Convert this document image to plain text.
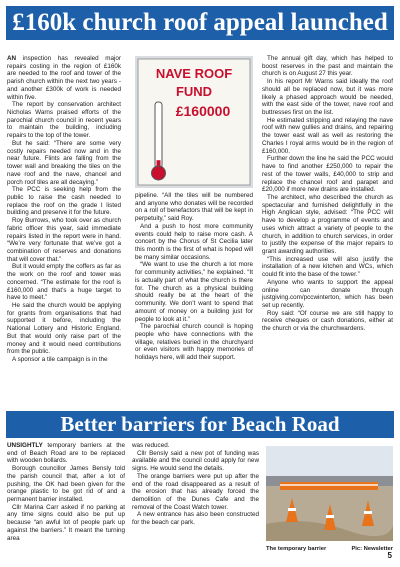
£160k church roof appeal launched

AN inspection has revealed major repairs costing in the region of £160k are needed to the roof and tower of the parish church within the next two years - and another £300k of work is needed within five.

The report by conservation architect Nicholas Warns praised efforts of the parochial church council in recent years to maintain the building, including repairs to the top of the tower.

But he said: “There are some very costly repairs needed now and in the near future. Flints are falling from the tower wall and breaking the tiles on the nave roof and the nave, chancel and porch roof tiles are all decaying.”

The PCC is seeking help from the public to raise the cash needed to replace the roof on the grade I listed building and preserve it for the future.

Roy Burrows, who took over as church fabric officer this year, said immediate repairs listed in the report were in hand. “We’re very fortunate that we’ve got a combination of reserves and donations that will cover that.”

But it would empty the coffers as far as the work on the roof and tower was concerned. “The estimate for the roof is £160,000 and that’s a huge target to have to meet.”

He said the church would be applying for grants from organisations that had supported it before, including the National Lottery and Historic England. But that would only raise part of the money and it would need contributions from the public.

A sponsor a tile campaign is in the

NAVE ROOF
FUND
£160000

pipeline. “All the tiles will be numbered and anyone who donates will be recorded on a roll of benefactors that will be kept in perpetuity,” said Roy.

And a push to host more community events could help to raise more cash. A concert by the Chorus of St Cecilia later this month is the first of what is hoped will be many similar occasions.

“We want to use the church a lot more for community activities,” he explained. “It is actually part of what the church is there for. The church as a physical building should really be at the heart of the community. We don’t want to spend that amount of money on a building just for people to look at it.”

The parochial church council is hoping people who have connections with the village, relatives buried in the churchyard or even visitors with happy memories of holidays here, will add their support.

The annual gift day, which has helped to boost reserves in the past and maintain the church is on August 27 this year.

In his report Mr Warns said ideally the roof should all be replaced now, but it was more likely a phased approach would be needed, with the east side of the tower, nave roof and buttresses first on the list.

He estimated stripping and relaying the nave roof with new gullies and drains, and repairing the tower east wall as well as restoring the Charles I royal arms would be in the region of £160,000.

Further down the line he said the PCC would have to find another £250,000 to repair the rest of the tower walls, £40,000 to strip and replace the chancel roof and parapet and £20,000 if more new drains are installed.

The architect, who described the church as spectacular and furnished delightfully in the High Anglican style, advised: “The PCC will have to develop a programme of events and uses which attract a variety of people to the church, in addition to church services, in order to justify the expense of the major repairs to grant awarding authorities.

“This increased use will also justify the installation of a new kitchen and WCs, which could fit into the base of the tower.”

Anyone who wants to support the appeal online can donate through justgiving.com/pccwinterton, which has been set up recently.

Roy said: “Of course we are still happy to receive cheques or cash donations, either at the church or via the churchwardens.

Better barriers for Beach Road

UNSIGHTLY temporary barriers at the end of Beach Road are to be replaced with wooden bollards.

Borough councillor James Bensly told the parish council that, after a lot of pushing, the OK had been given for the orange plastic to be got rid of and a permanent barrier installed.

Cllr Marina Carr asked if no parking at any time signs could also be put up because “an awful lot of people park up against the barriers.” It meant the turning area

was reduced.

Cllr Bensly said a new pot of funding was available and the council could apply for new signs. He would send the details.

The orange barriers were put up after the end of the road disappeared as a result of the erosion that has already forced the demolition of the Dunes Cafe and the removal of the Coast Watch tower.

A new entrance has also been constructed for the beach car park.

The temporary barrier	Pic: Newsletter
5
